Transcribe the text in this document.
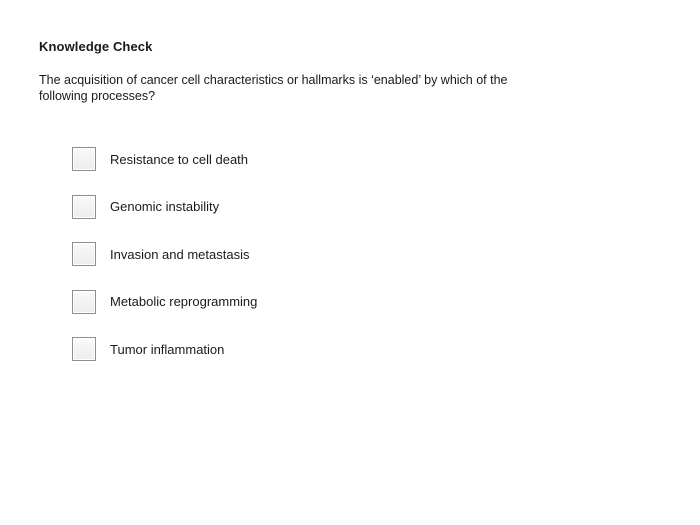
Knowledge Check
The acquisition of cancer cell characteristics or hallmarks is ‘enabled’ by which of the following processes?
Resistance to cell death
Genomic instability
Invasion and metastasis
Metabolic reprogramming
Tumor inflammation
